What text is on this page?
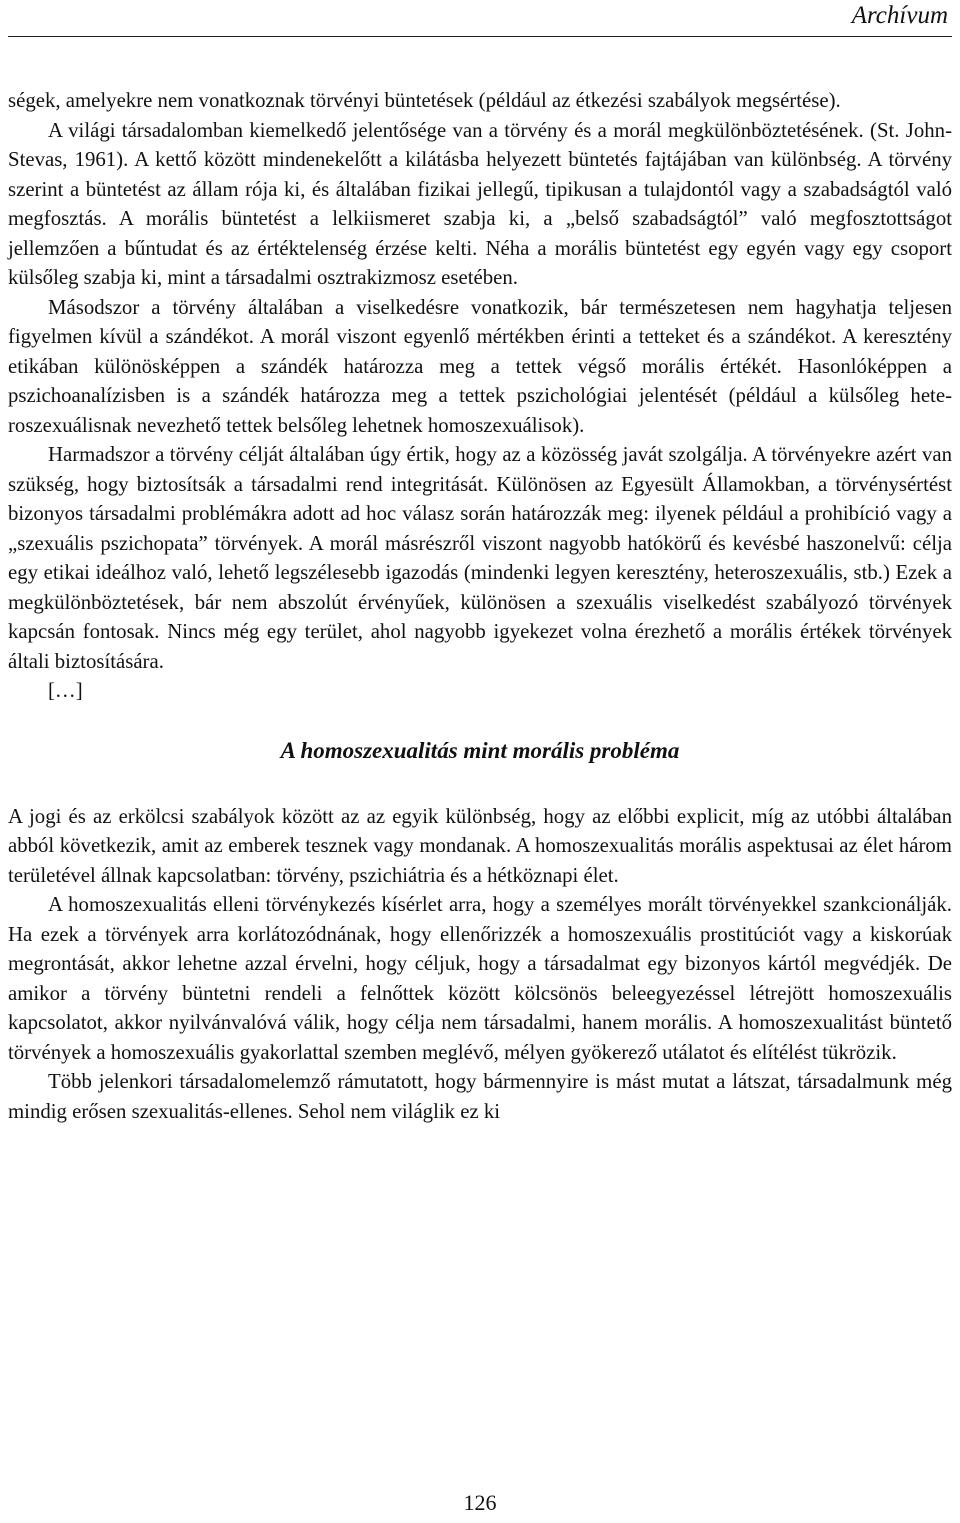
Archívum

ségek, amelyekre nem vonatkoznak törvényi büntetések (például az étkezési szabályok megsértése).

A világi társadalomban kiemelkedő jelentősége van a törvény és a morál megkülönböztetésének. (St. John-Stevas, 1961). A kettő között mindenekelőtt a kilátásba helyezett büntetés fajtájában van különbség. A törvény szerint a büntetést az állam rója ki, és általában fizikai jellegű, tipikusan a tulajdontól vagy a szabadságtól való megfosztás. A morális büntetést a lelkiismeret szabja ki, a „belső szabadságtól” való megfosztottságot jellemzően a bűntudat és az értéktelenség érzése kelti. Néha a morális büntetést egy egyén vagy egy csoport külsőleg szabja ki, mint a társadalmi osztrakizmosz esetében.

Másodszor a törvény általában a viselkedésre vonatkozik, bár természetesen nem hagyhatja teljesen figyelmen kívül a szándékot. A morál viszont egyenlő mértékben érinti a tetteket és a szándékot. A keresztény etikában különösképpen a szándék határozza meg a tettek végső morális értékét. Hasonlóképpen a pszichoanalízisben is a szándék határozza meg a tettek pszichológiai jelentését (például a külsőleg heteroszexuálisnak nevezhető tettek belsőleg lehetnek homoszexuálisok).

Harmadszor a törvény célját általában úgy értik, hogy az a közösség javát szolgálja. A törvényekre azért van szükség, hogy biztosítsák a társadalmi rend integritását. Különösen az Egyesült Államokban, a törvénysértést bizonyos társadalmi problémákra adott ad hoc válasz során határozzák meg: ilyenek például a prohibíció vagy a „szexuális pszichopata” törvények. A morál másrészről viszont nagyobb hatókörű és kevésbé haszonelvű: célja egy etikai ideálhoz való, lehető legszélesebb igazodás (mindenki legyen keresztény, heteroszexuális, stb.) Ezek a megkülönböztetések, bár nem abszolút érvényűek, különösen a szexuális viselkedést szabályozó törvények kapcsán fontosak. Nincs még egy terület, ahol nagyobb igyekezet volna érezhető a morális értékek törvények általi biztosítására.

[…]

A homoszexualitás mint morális probléma

A jogi és az erkölcsi szabályok között az az egyik különbség, hogy az előbbi explicit, míg az utóbbi általában abból következik, amit az emberek tesznek vagy mondanak. A homoszexualitás morális aspektusai az élet három területével állnak kapcsolatban: törvény, pszichiátria és a hétköznapi élet.

A homoszexualitás elleni törvénykezés kísérlet arra, hogy a személyes morált törvényekkel szankcionálják. Ha ezek a törvények arra korlátozódnának, hogy ellenőrizzék a homoszexuális prostitúciót vagy a kiskorúak megrontását, akkor lehetne azzal érvelni, hogy céljuk, hogy a társadalmat egy bizonyos kártól megvédjék. De amikor a törvény büntetni rendeli a felnőttek között kölcsönös beleegyezéssel létrejött homoszexuális kapcsolatot, akkor nyilvánvalóvá válik, hogy célja nem társadalmi, hanem morális. A homoszexualitást büntető törvények a homoszexuális gyakorlattal szemben meglévő, mélyen gyökerező utálatot és elítélést tükrözik.

Több jelenkori társadalomelemző rámutatott, hogy bármennyire is mást mutat a látszat, társadalmunk még mindig erősen szexualitás-ellenes. Sehol nem világlik ez ki

126
